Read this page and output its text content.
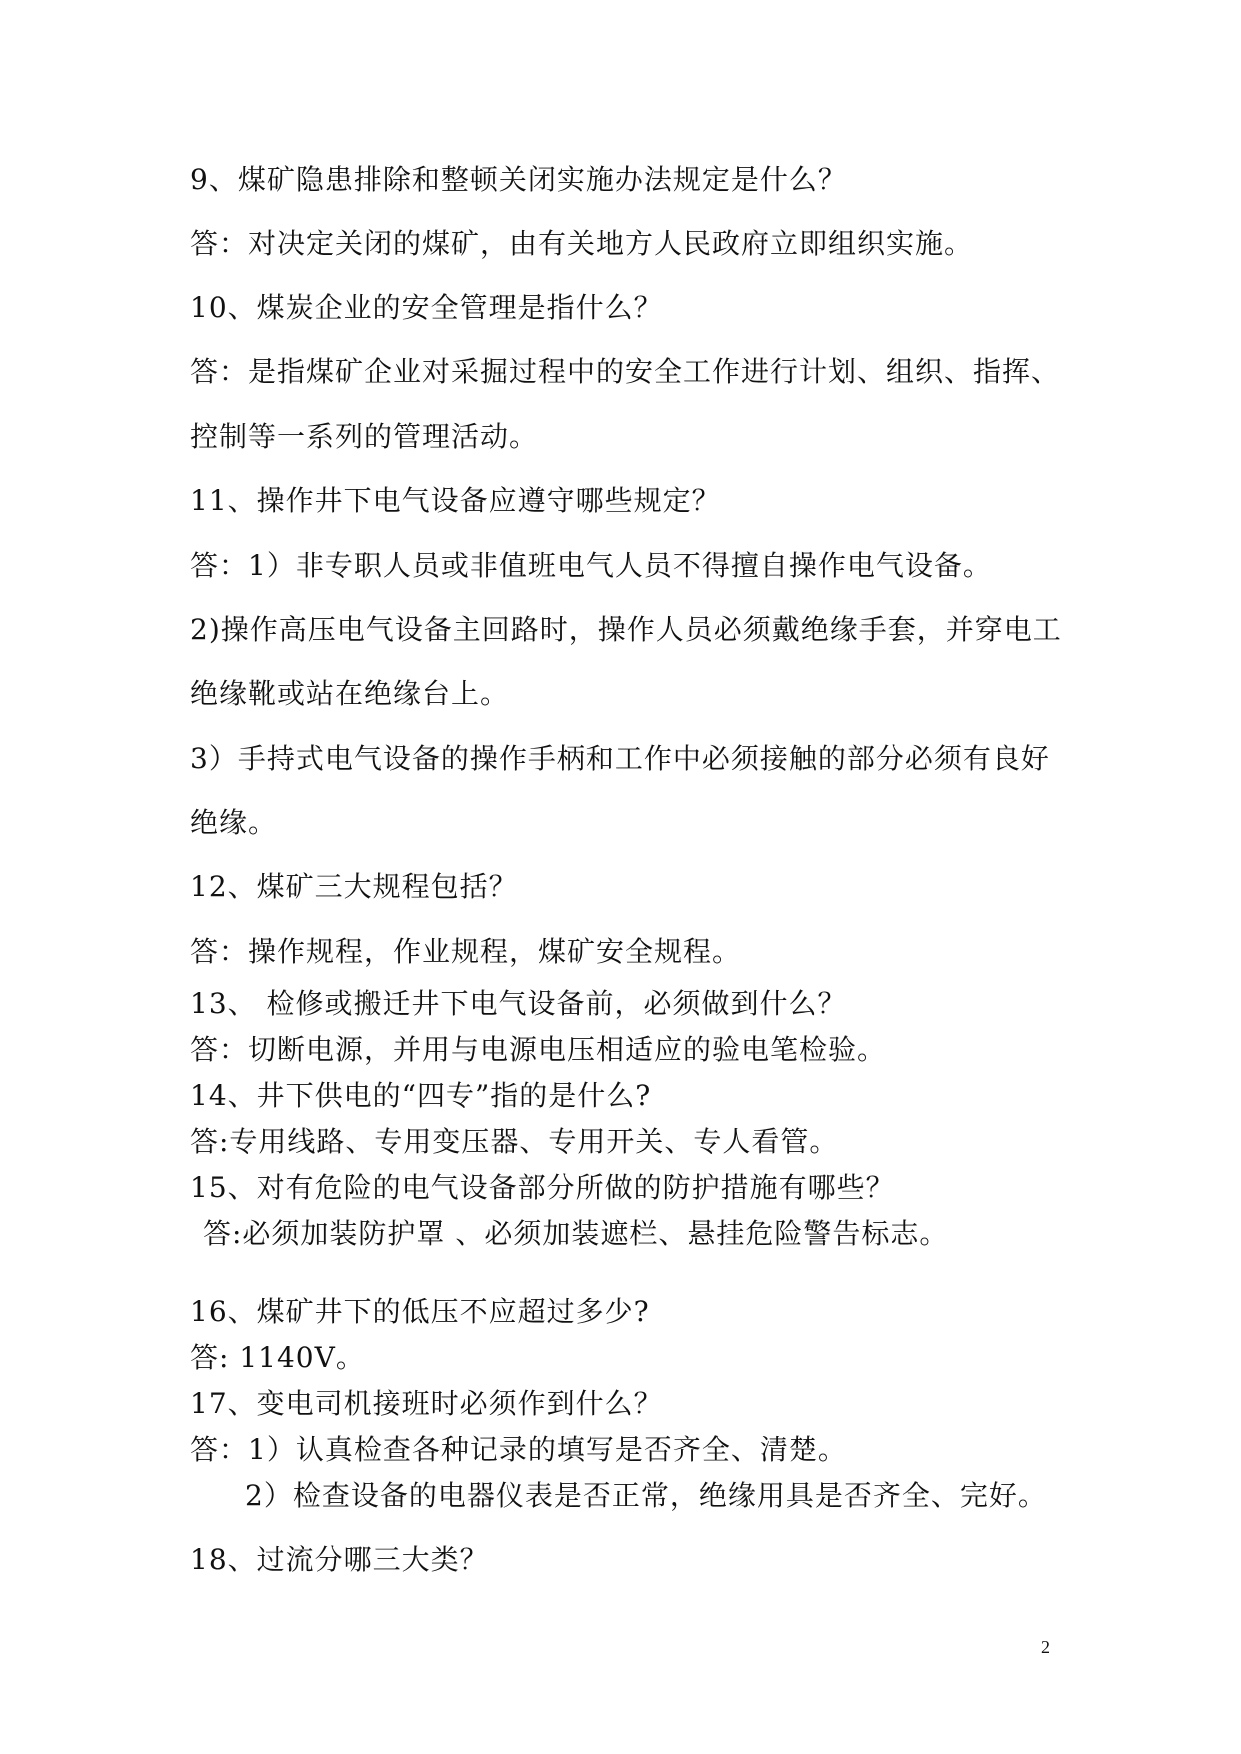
9、煤矿隐患排除和整顿关闭实施办法规定是什么？
答：对决定关闭的煤矿，由有关地方人民政府立即组织实施。
10、煤炭企业的安全管理是指什么？
答：是指煤矿企业对采掘过程中的安全工作进行计划、组织、指挥、
控制等一系列的管理活动。
11、操作井下电气设备应遵守哪些规定？
答：1）非专职人员或非值班电气人员不得擅自操作电气设备。
2)操作高压电气设备主回路时，操作人员必须戴绝缘手套，并穿电工
绝缘靴或站在绝缘台上。
3）手持式电气设备的操作手柄和工作中必须接触的部分必须有良好
绝缘。
12、煤矿三大规程包括？
答：操作规程，作业规程，煤矿安全规程。
13、 检修或搬迁井下电气设备前，必须做到什么？
答：切断电源，并用与电源电压相适应的验电笔检验。
14、井下供电的“四专”指的是什么?
答:专用线路、专用变压器、专用开关、专人看管。
15、对有危险的电气设备部分所做的防护措施有哪些？
答:必须加装防护罩 、必须加装遮栏、悬挂危险警告标志。
16、煤矿井下的低压不应超过多少?
答: 1140V。
17、变电司机接班时必须作到什么？
答：1）认真检查各种记录的填写是否齐全、清楚。
2）检查设备的电器仪表是否正常，绝缘用具是否齐全、完好。
18、过流分哪三大类？
2
